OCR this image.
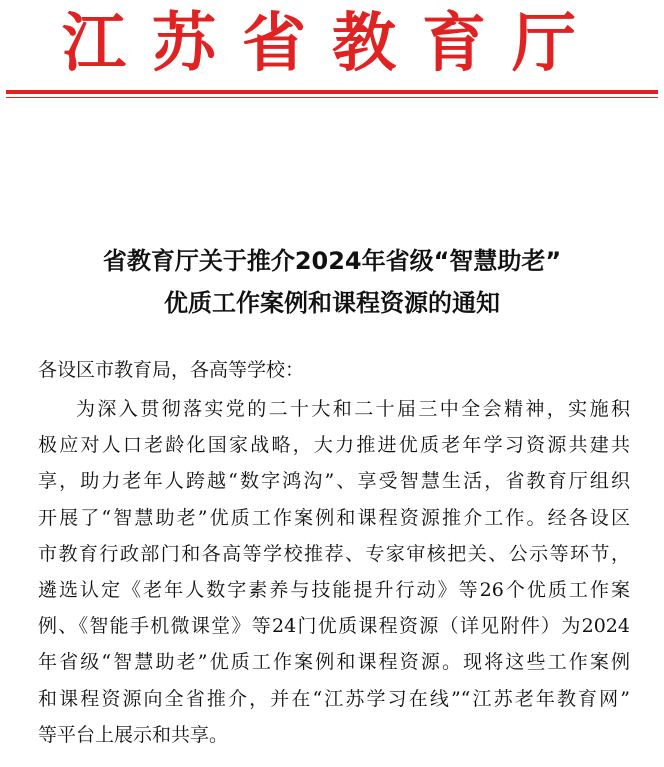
江苏省教育厅
省教育厅关于推介2024年省级“智慧助老”
优质工作案例和课程资源的通知
各设区市教育局，各高等学校：
为深入贯彻落实党的二十大和二十届三中全会精神，实施积
极应对人口老龄化国家战略，大力推进优质老年学习资源共建共
享，助力老年人跨越“数字鸿沟”、享受智慧生活，省教育厅组织
开展了“智慧助老”优质工作案例和课程资源推介工作。经各设区
市教育行政部门和各高等学校推荐、专家审核把关、公示等环节，
遴选认定《老年人数字素养与技能提升行动》等26个优质工作案
例、《智能手机微课堂》等24门优质课程资源（详见附件）为2024
年省级“智慧助老”优质工作案例和课程资源。现将这些工作案例
和课程资源向全省推介，并在“江苏学习在线”“江苏老年教育网”
等平台上展示和共享。
